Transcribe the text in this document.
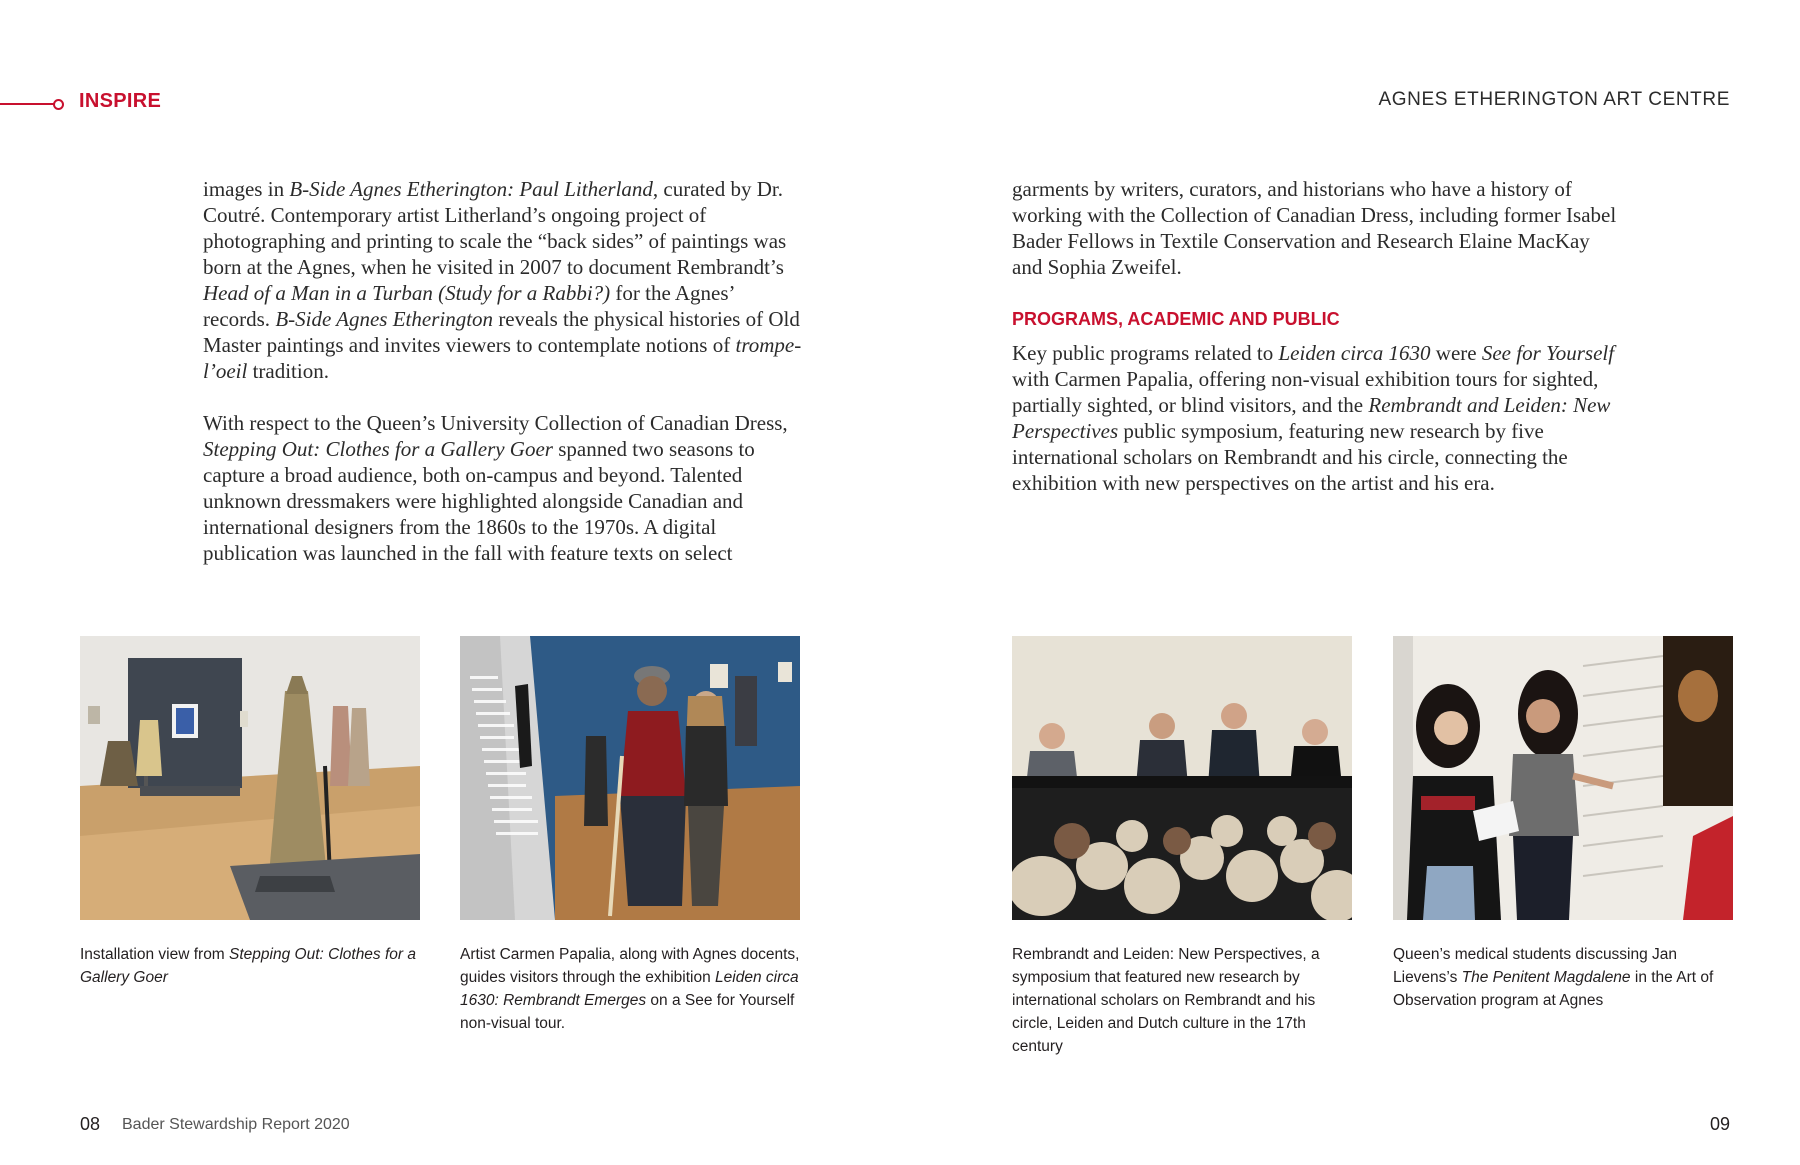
INSPIRE	AGNES ETHERINGTON ART CENTRE

images in B-Side Agnes Etherington: Paul Litherland, curated by Dr. Coutré. Contemporary artist Litherland’s ongoing project of photographing and printing to scale the “back sides” of paintings was born at the Agnes, when he visited in 2007 to document Rembrandt’s Head of a Man in a Turban (Study for a Rabbi?) for the Agnes’ records. B-Side Agnes Etherington reveals the physical histories of Old Master paintings and invites viewers to contemplate notions of trompe-l’oeil tradition.

With respect to the Queen’s University Collection of Canadian Dress, Stepping Out: Clothes for a Gallery Goer spanned two seasons to capture a broad audience, both on-campus and beyond. Talented unknown dressmakers were highlighted alongside Canadian and international designers from the 1860s to the 1970s. A digital publication was launched in the fall with feature texts on select

garments by writers, curators, and historians who have a history of working with the Collection of Canadian Dress, including former Isabel Bader Fellows in Textile Conservation and Research Elaine MacKay and Sophia Zweifel.

PROGRAMS, ACADEMIC AND PUBLIC

Key public programs related to Leiden circa 1630 were See for Yourself with Carmen Papalia, offering non-visual exhibition tours for sighted, partially sighted, or blind visitors, and the Rembrandt and Leiden: New Perspectives public symposium, featuring new research by five international scholars on Rembrandt and his circle, connecting the exhibition with new perspectives on the artist and his era.

Installation view from Stepping Out: Clothes for a Gallery Goer
Artist Carmen Papalia, along with Agnes docents, guides visitors through the exhibition Leiden circa 1630: Rembrandt Emerges on a See for Yourself non-visual tour.
Rembrandt and Leiden: New Perspectives, a symposium that featured new research by international scholars on Rembrandt and his circle, Leiden and Dutch culture in the 17th century
Queen’s medical students discussing Jan Lievens’s The Penitent Magdalene in the Art of Observation program at Agnes
08 Bader Stewardship Report 2020	09
